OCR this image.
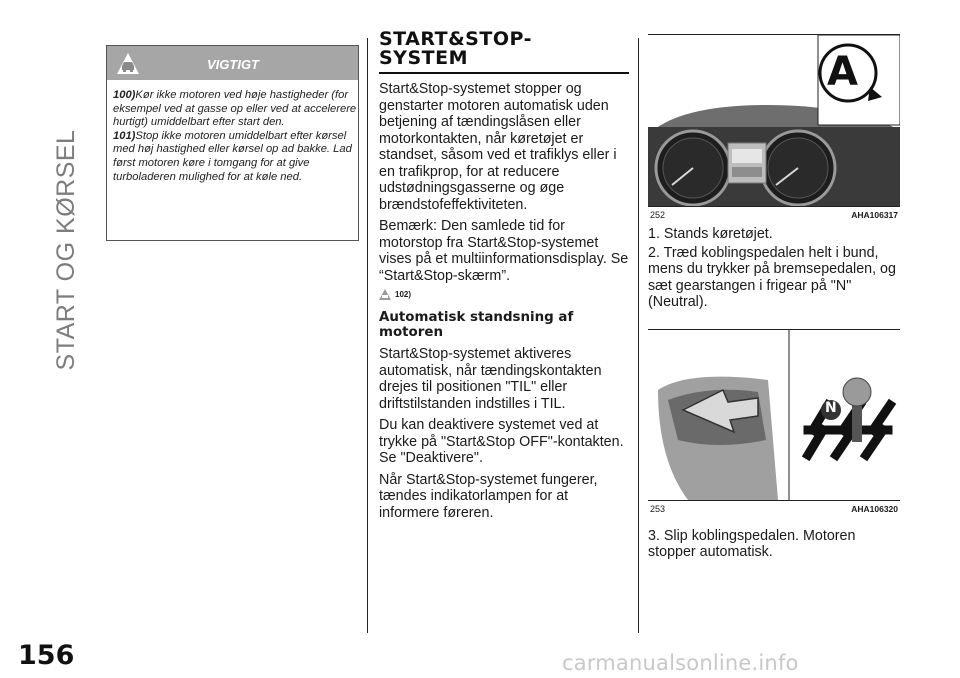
START OG KØRSEL
VIGTIGT
100)Kør ikke motoren ved høje hastigheder (for eksempel ved at gasse op eller ved at accelerere hurtigt) umiddelbart efter start den.
101)Stop ikke motoren umiddelbart efter kørsel med høj hastighed eller kørsel op ad bakke. Lad først motoren køre i tomgang for at give turboladeren mulighed for at køle ned.
START&STOP-SYSTEM

Start&Stop-systemet stopper og genstarter motoren automatisk uden betjening af tændingslåsen eller motorkontakten, når køretøjet er standset, såsom ved et trafiklys eller i en trafikprop, for at reducere udstødningsgasserne og øge brændstofeffektiviteten.

Bemærk: Den samlede tid for motorstop fra Start&Stop-systemet vises på et multiinformationsdisplay. Se “Start&Stop-skærm”.

102)
Automatisk standsning af motoren

Start&Stop-systemet aktiveres automatisk, når tændingskontakten drejes til positionen "TIL" eller driftstilstanden indstilles i TIL.

Du kan deaktivere systemet ved at trykke på "Start&Stop OFF"-kontakten. Se "Deaktivere".

Når Start&Stop-systemet fungerer, tændes indikatorlampen for at informere føreren.

A
252	AHA106317

1. Stands køretøjet.

2. Træd koblingspedalen helt i bund, mens du trykker på bremsepedalen, og sæt gearstangen i frigear på "N" (Neutral).

N
253	AHA106320

3. Slip koblingspedalen. Motoren stopper automatisk.

156	carmanualsonline.info
